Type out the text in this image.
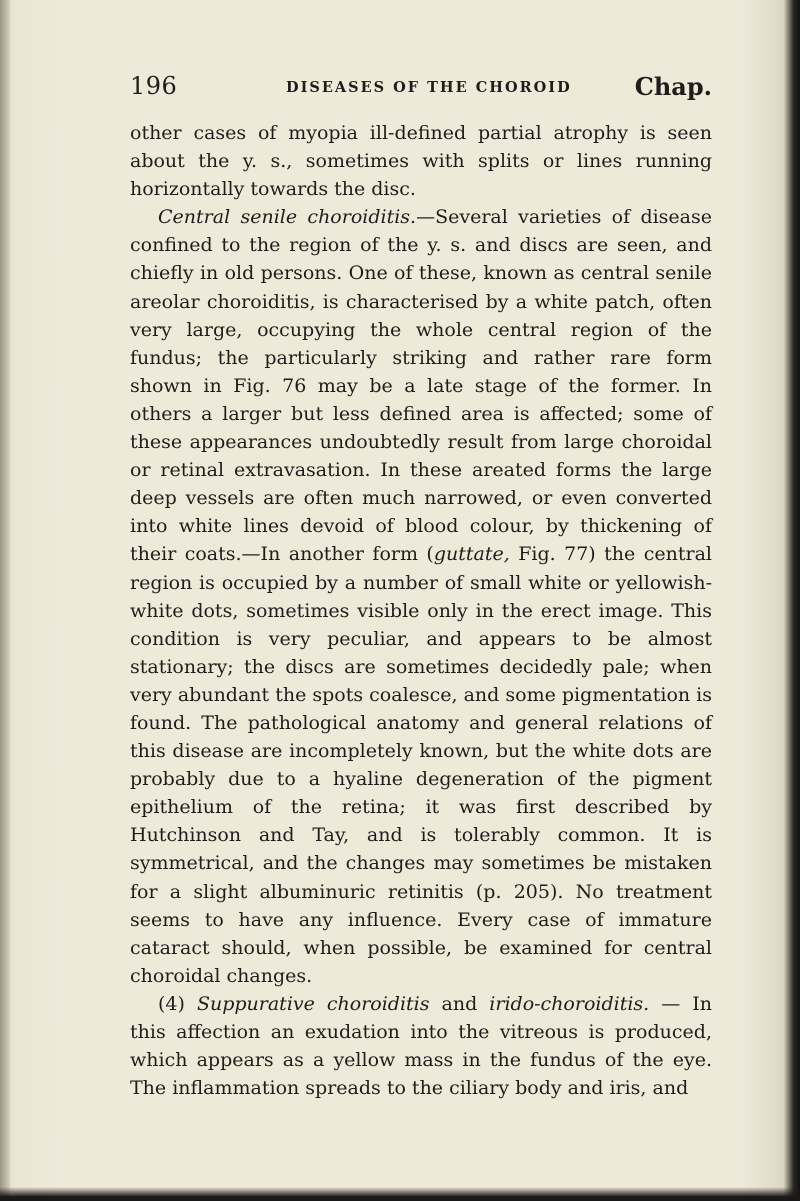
196	DISEASES OF THE CHOROID	Chap.

other cases of myopia ill-defined partial atrophy is seen about the y. s., sometimes with splits or lines running horizontally towards the disc.

Central senile choroiditis.—Several varieties of disease confined to the region of the y. s. and discs are seen, and chiefly in old persons. One of these, known as central senile areolar choroiditis, is characterised by a white patch, often very large, occupying the whole central region of the fundus; the particularly striking and rather rare form shown in Fig. 76 may be a late stage of the former. In others a larger but less defined area is affected; some of these appearances undoubtedly result from large choroidal or retinal extravasation. In these areated forms the large deep vessels are often much narrowed, or even converted into white lines devoid of blood colour, by thickening of their coats.—In another form (guttate, Fig. 77) the central region is occupied by a number of small white or yellowish-white dots, sometimes visible only in the erect image. This condition is very peculiar, and appears to be almost stationary; the discs are sometimes decidedly pale; when very abundant the spots coalesce, and some pigmentation is found. The pathological anatomy and general relations of this disease are incompletely known, but the white dots are probably due to a hyaline degeneration of the pigment epithelium of the retina; it was first described by Hutchinson and Tay, and is tolerably common. It is symmetrical, and the changes may sometimes be mistaken for a slight albuminuric retinitis (p. 205). No treatment seems to have any influence. Every case of immature cataract should, when possible, be examined for central choroidal changes.

(4) Suppurative choroiditis and irido-choroiditis. — In this affection an exudation into the vitreous is produced, which appears as a yellow mass in the fundus of the eye. The inflammation spreads to the ciliary body and iris, and
